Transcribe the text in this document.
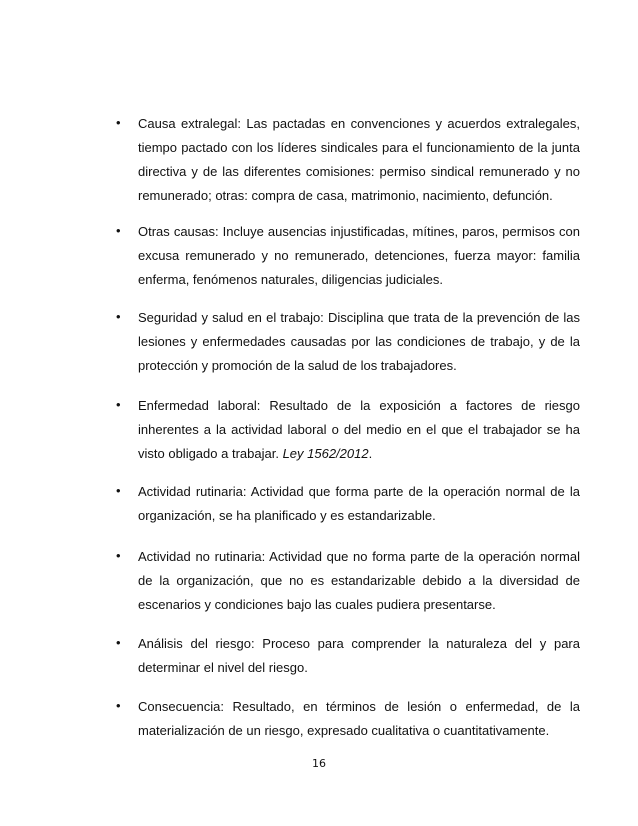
•	Causa extralegal: Las pactadas en convenciones y acuerdos extralegales, tiempo pactado con los líderes sindicales para el funcionamiento de la junta directiva y de las diferentes comisiones: permiso sindical remunerado y no remunerado; otras: compra de casa, matrimonio, nacimiento, defunción.
•	Otras causas: Incluye ausencias injustificadas, mítines, paros, permisos con excusa remunerado y no remunerado, detenciones, fuerza mayor: familia enferma, fenómenos naturales, diligencias judiciales.
•	Seguridad y salud en el trabajo: Disciplina que trata de la prevención de las lesiones y enfermedades causadas por las condiciones de trabajo, y de la protección y promoción de la salud de los trabajadores.
•	Enfermedad laboral: Resultado de la exposición a factores de riesgo inherentes a la actividad laboral o del medio en el que el trabajador se ha visto obligado a trabajar. Ley 1562/2012.
•	Actividad rutinaria: Actividad que forma parte de la operación normal de la organización, se ha planificado y es estandarizable.
•	Actividad no rutinaria: Actividad que no forma parte de la operación normal de la organización, que no es estandarizable debido a la diversidad de escenarios y condiciones bajo las cuales pudiera presentarse.
•	Análisis del riesgo: Proceso para comprender la naturaleza del y para determinar el nivel del riesgo.
•	Consecuencia: Resultado, en términos de lesión o enfermedad, de la materialización de un riesgo, expresado cualitativa o cuantitativamente.
16
